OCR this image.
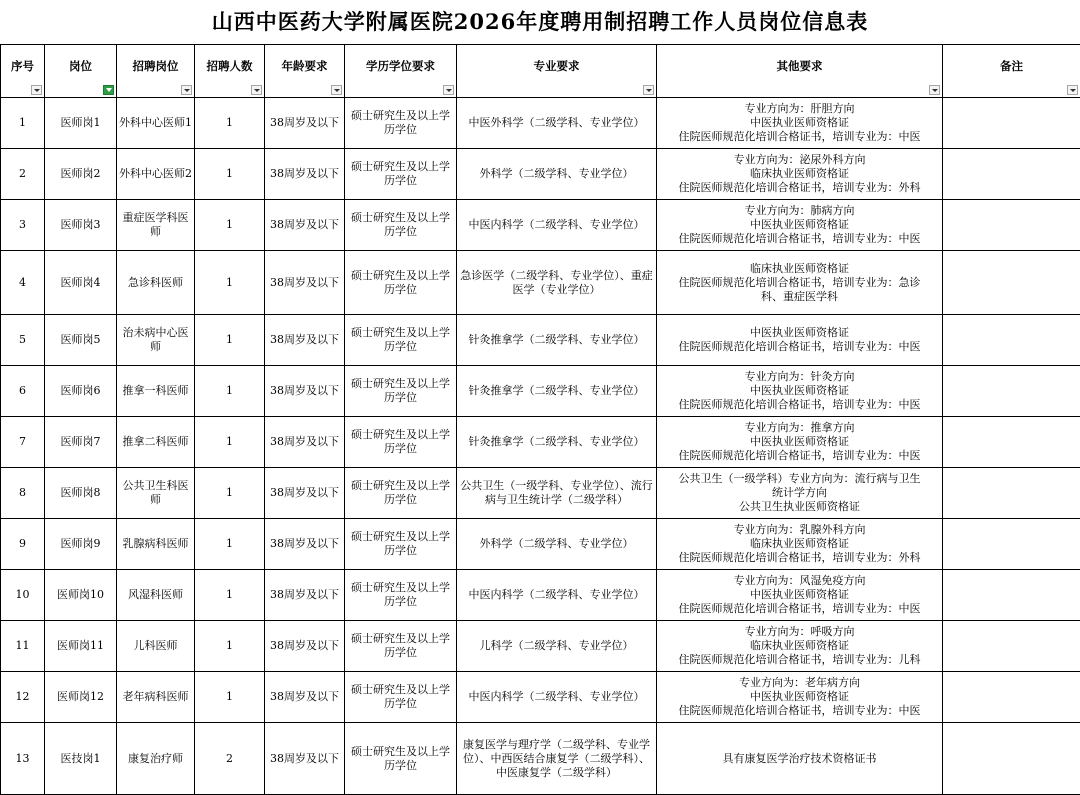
山西中医药大学附属医院2026年度聘用制招聘工作人员岗位信息表
序号	岗位	招聘岗位	招聘人数	年龄要求	学历学位要求	专业要求	其他要求	备注

1	医师岗1	外科中心医师1	1	38周岁及以下	硕士研究生及以上学历学位	中医外科学（二级学科、专业学位）	专业方向为：肝胆方向
中医执业医师资格证
住院医师规范化培训合格证书，培训专业为：中医	

2	医师岗2	外科中心医师2	1	38周岁及以下	硕士研究生及以上学历学位	外科学（二级学科、专业学位）	专业方向为：泌尿外科方向
临床执业医师资格证
住院医师规范化培训合格证书，培训专业为：外科	

3	医师岗3	重症医学科医师	1	38周岁及以下	硕士研究生及以上学历学位	中医内科学（二级学科、专业学位）	专业方向为：肺病方向
中医执业医师资格证
住院医师规范化培训合格证书，培训专业为：中医	

4	医师岗4	急诊科医师	1	38周岁及以下	硕士研究生及以上学历学位	急诊医学（二级学科、专业学位）、重症医学（专业学位）	临床执业医师资格证
住院医师规范化培训合格证书，培训专业为：急诊
科、重症医学科	

5	医师岗5	治未病中心医师	1	38周岁及以下	硕士研究生及以上学历学位	针灸推拿学（二级学科、专业学位）	中医执业医师资格证
住院医师规范化培训合格证书，培训专业为：中医	

6	医师岗6	推拿一科医师	1	38周岁及以下	硕士研究生及以上学历学位	针灸推拿学（二级学科、专业学位）	专业方向为：针灸方向
中医执业医师资格证
住院医师规范化培训合格证书，培训专业为：中医	

7	医师岗7	推拿二科医师	1	38周岁及以下	硕士研究生及以上学历学位	针灸推拿学（二级学科、专业学位）	专业方向为：推拿方向
中医执业医师资格证
住院医师规范化培训合格证书，培训专业为：中医	

8	医师岗8	公共卫生科医师	1	38周岁及以下	硕士研究生及以上学历学位	公共卫生（一级学科、专业学位）、流行病与卫生统计学（二级学科）	公共卫生（一级学科）专业方向为：流行病与卫生
统计学方向
公共卫生执业医师资格证	

9	医师岗9	乳腺病科医师	1	38周岁及以下	硕士研究生及以上学历学位	外科学（二级学科、专业学位）	专业方向为：乳腺外科方向
临床执业医师资格证
住院医师规范化培训合格证书，培训专业为：外科	

10	医师岗10	风湿科医师	1	38周岁及以下	硕士研究生及以上学历学位	中医内科学（二级学科、专业学位）	专业方向为：风湿免疫方向
中医执业医师资格证
住院医师规范化培训合格证书，培训专业为：中医	

11	医师岗11	儿科医师	1	38周岁及以下	硕士研究生及以上学历学位	儿科学（二级学科、专业学位）	专业方向为：呼吸方向
临床执业医师资格证
住院医师规范化培训合格证书，培训专业为：儿科	

12	医师岗12	老年病科医师	1	38周岁及以下	硕士研究生及以上学历学位	中医内科学（二级学科、专业学位）	专业方向为：老年病方向
中医执业医师资格证
住院医师规范化培训合格证书，培训专业为：中医	

13	医技岗1	康复治疗师	2	38周岁及以下	硕士研究生及以上学历学位	康复医学与理疗学（二级学科、专业学位）、中西医结合康复学（二级学科）、中医康复学（二级学科）	具有康复医学治疗技术资格证书	
